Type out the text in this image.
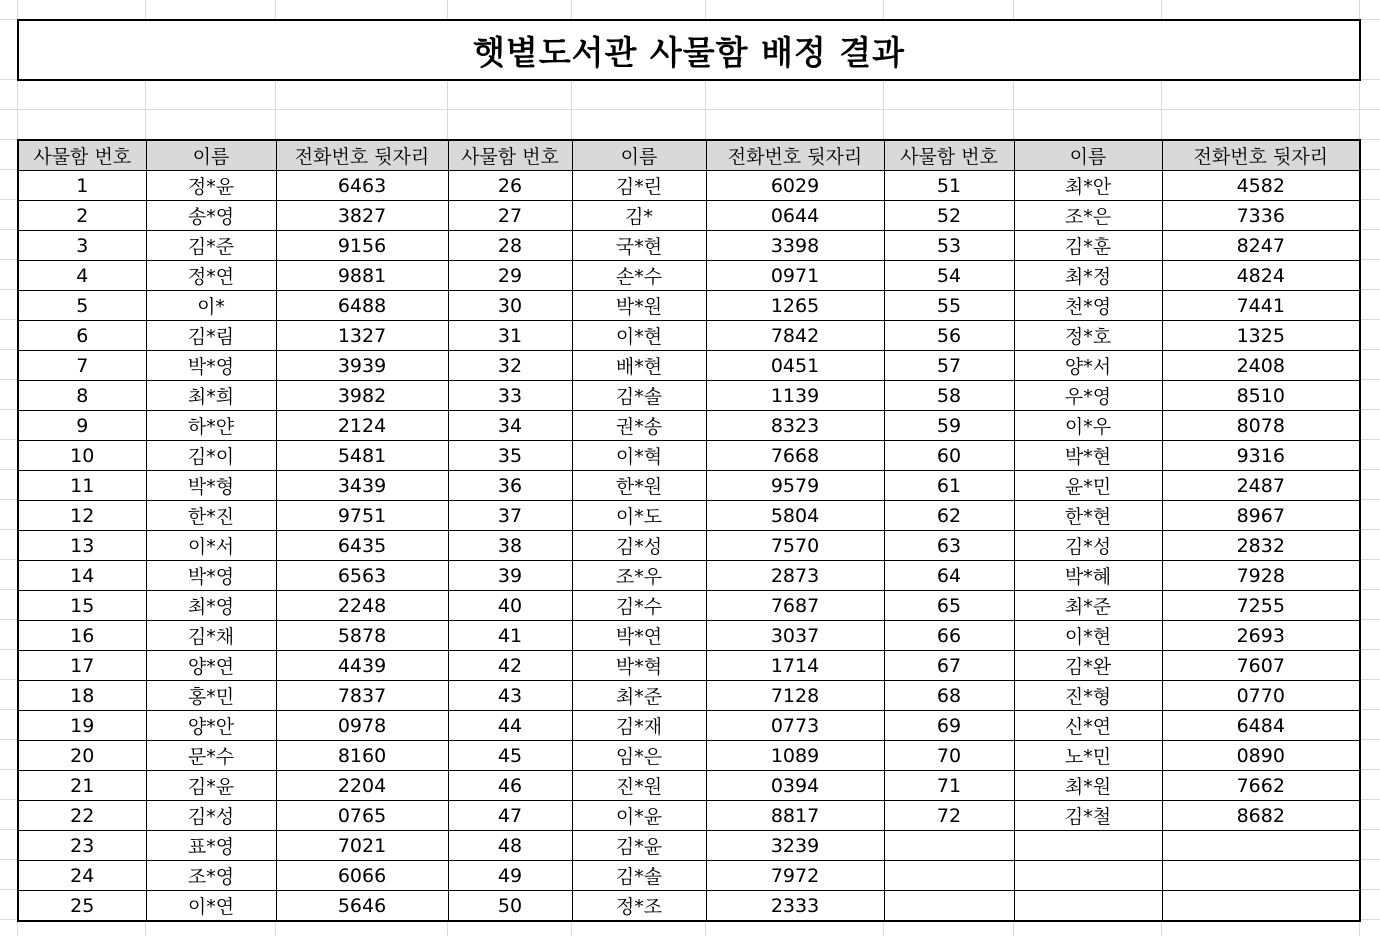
햇볕도서관 사물함 배정 결과
사물함 번호	이름	전화번호 뒷자리	사물함 번호	이름	전화번호 뒷자리	사물함 번호	이름	전화번호 뒷자리
1	정*윤	6463	26	김*린	6029	51	최*안	4582
2	송*영	3827	27	김*	0644	52	조*은	7336
3	김*준	9156	28	국*현	3398	53	김*훈	8247
4	정*연	9881	29	손*수	0971	54	최*정	4824
5	이*	6488	30	박*원	1265	55	천*영	7441
6	김*림	1327	31	이*현	7842	56	정*호	1325
7	박*영	3939	32	배*현	0451	57	양*서	2408
8	최*희	3982	33	김*솔	1139	58	우*영	8510
9	하*얀	2124	34	권*송	8323	59	이*우	8078
10	김*이	5481	35	이*혁	7668	60	박*현	9316
11	박*형	3439	36	한*원	9579	61	윤*민	2487
12	한*진	9751	37	이*도	5804	62	한*현	8967
13	이*서	6435	38	김*성	7570	63	김*성	2832
14	박*영	6563	39	조*우	2873	64	박*혜	7928
15	최*영	2248	40	김*수	7687	65	최*준	7255
16	김*채	5878	41	박*연	3037	66	이*현	2693
17	양*연	4439	42	박*혁	1714	67	김*완	7607
18	홍*민	7837	43	최*준	7128	68	진*형	0770
19	양*안	0978	44	김*재	0773	69	신*연	6484
20	문*수	8160	45	임*은	1089	70	노*민	0890
21	김*윤	2204	46	진*원	0394	71	최*원	7662
22	김*성	0765	47	이*윤	8817	72	김*철	8682
23	표*영	7021	48	김*윤	3239			
24	조*영	6066	49	김*솔	7972			
25	이*연	5646	50	정*조	2333			
